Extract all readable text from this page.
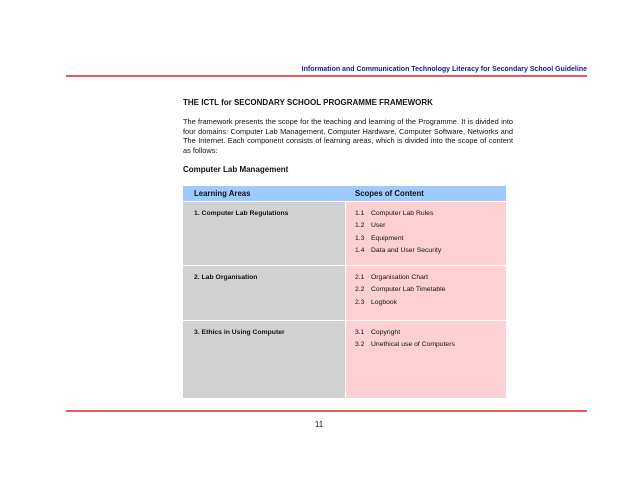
Information and Communication Technology Literacy for Secondary School Guideline
THE ICTL for SECONDARY SCHOOL PROGRAMME FRAMEWORK
The framework presents the scope for the teaching and learning of the Programme. It is divided into four domains: Computer Lab Management, Computer Hardware, Computer Software, Networks and The Internet. Each component consists of learning areas, which is divided into the scope of content as follows:
Computer Lab Management
Learning Areas	Scopes of Content
1. Computer Lab Regulations	1.1 Computer Lab Rules
1.2 User
1.3 Equipment
1.4 Data and User Security
2. Lab Organisation	2.1 Organisation Chart
2.2 Computer Lab Timetable
2.3 Logbook
3. Ethics in Using Computer	3.1 Copyright
3.2 Unethical use of Computers
11
